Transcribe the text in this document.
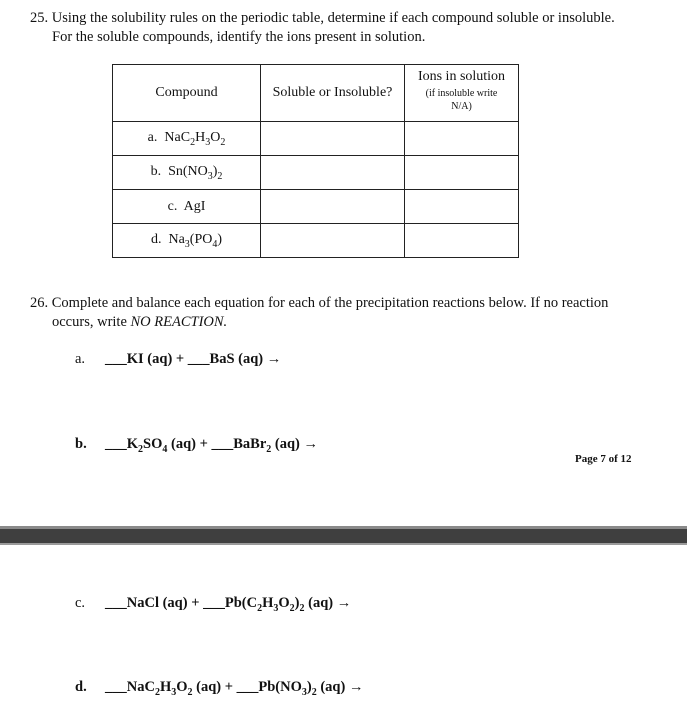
25. Using the solubility rules on the periodic table, determine if each compound soluble or insoluble.
For the soluble compounds, identify the ions present in solution.
Compound	Soluble or Insoluble?	Ions in solution
(if insoluble write
N/A)

a. $NaC_2H_3O_2$		
b. $Sn(NO_3)_2$		
c. AgI		
d. $Na_3(PO_4)$		
26. Complete and balance each equation for each of the precipitation reactions below. If no reaction
occurs, write NO REACTION.
a. ___KI (aq) + ___BaS (aq) →
b. $\_\_\_K_2SO_4$ (aq) + ___BaBr$_2$ (aq) →
Page 7 of 12
c. ___NaCl $(aq) + \_\_\_Pb(C_2H_3O_2)_2$ (aq) →
d. $\_\_\_NaC_2H_3O_2$ $(aq) + \_\_\_Pb(NO_3)_2$ (aq) →
